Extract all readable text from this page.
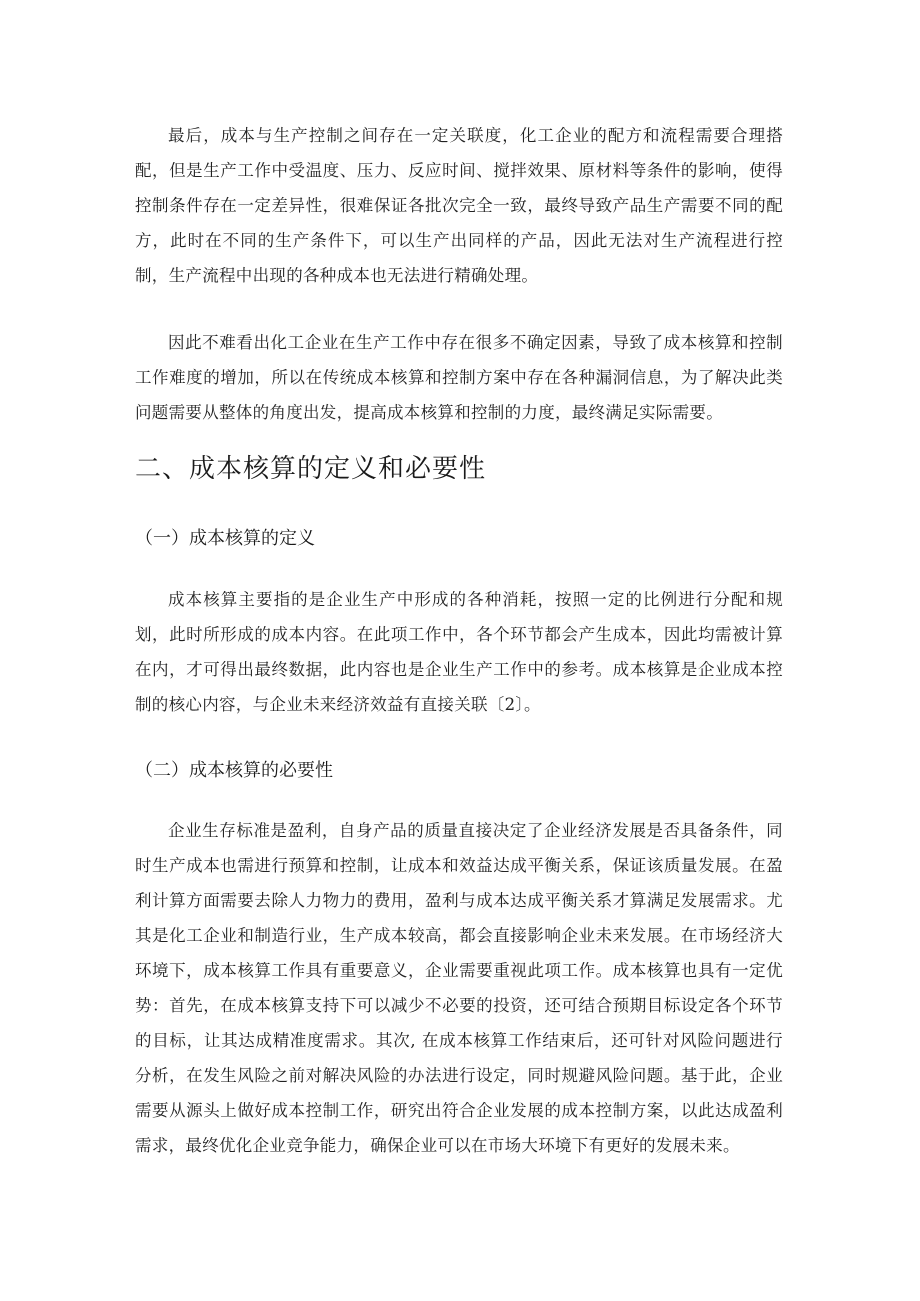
最后，成本与生产控制之间存在一定关联度，化工企业的配方和流程需要合理搭配，但是生产工作中受温度、压力、反应时间、搅拌效果、原材料等条件的影响，使得控制条件存在一定差异性，很难保证各批次完全一致，最终导致产品生产需要不同的配方，此时在不同的生产条件下，可以生产出同样的产品，因此无法对生产流程进行控制，生产流程中出现的各种成本也无法进行精确处理。

因此不难看出化工企业在生产工作中存在很多不确定因素，导致了成本核算和控制工作难度的增加，所以在传统成本核算和控制方案中存在各种漏洞信息，为了解决此类问题需要从整体的角度出发，提高成本核算和控制的力度，最终满足实际需要。

二、成本核算的定义和必要性
（一）成本核算的定义

成本核算主要指的是企业生产中形成的各种消耗，按照一定的比例进行分配和规划，此时所形成的成本内容。在此项工作中，各个环节都会产生成本，因此均需被计算在内，才可得出最终数据，此内容也是企业生产工作中的参考。成本核算是企业成本控制的核心内容，与企业未来经济效益有直接关联〔2〕。

（二）成本核算的必要性

企业生存标准是盈利，自身产品的质量直接决定了企业经济发展是否具备条件，同时生产成本也需进行预算和控制，让成本和效益达成平衡关系，保证该质量发展。在盈利计算方面需要去除人力物力的费用，盈利与成本达成平衡关系才算满足发展需求。尤其是化工企业和制造行业，生产成本较高，都会直接影响企业未来发展。在市场经济大环境下，成本核算工作具有重要意义，企业需要重视此项工作。成本核算也具有一定优势：首先，在成本核算支持下可以减少不必要的投资，还可结合预期目标设定各个环节的目标，让其达成精准度需求。其次, 在成本核算工作结束后，还可针对风险问题进行分析，在发生风险之前对解决风险的办法进行设定，同时规避风险问题。基于此，企业需要从源头上做好成本控制工作，研究出符合企业发展的成本控制方案，以此达成盈利需求，最终优化企业竞争能力，确保企业可以在市场大环境下有更好的发展未来。
